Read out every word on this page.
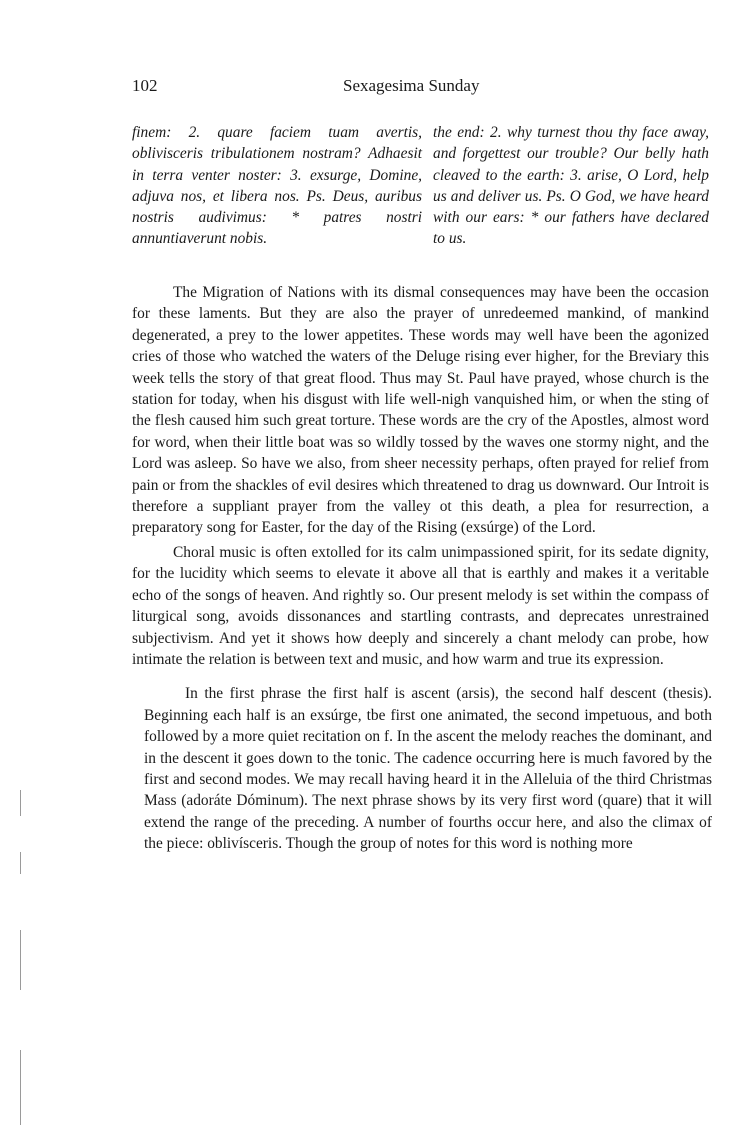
102	Sexagesima Sunday

finem: 2. quare faciem tuam avertis, oblivisceris tribulationem nostram? Adhaesit in terra venter noster: 3. exsurge, Domine, adjuva nos, et libera nos. Ps. Deus, auribus nostris audivimus: * patres nostri annuntiaverunt nobis.

the end: 2. why turnest thou thy face away, and forgettest our trouble? Our belly hath cleaved to the earth: 3. arise, O Lord, help us and deliver us. Ps. O God, we have heard with our ears: * our fathers have declared to us.

The Migration of Nations with its dismal consequences may have been the occasion for these laments. But they are also the prayer of unredeemed mankind, of mankind degenerated, a prey to the lower appetites. These words may well have been the agonized cries of those who watched the waters of the Deluge rising ever higher, for the Breviary this week tells the story of that great flood. Thus may St. Paul have prayed, whose church is the station for today, when his disgust with life well-nigh vanquished him, or when the sting of the flesh caused him such great torture. These words are the cry of the Apostles, almost word for word, when their little boat was so wildly tossed by the waves one stormy night, and the Lord was asleep. So have we also, from sheer necessity perhaps, often prayed for relief from pain or from the shackles of evil desires which threatened to drag us downward. Our Introit is therefore a suppliant prayer from the valley ot this death, a plea for resurrection, a preparatory song for Easter, for the day of the Rising (exsúrge) of the Lord.

Choral music is often extolled for its calm unimpassioned spirit, for its sedate dignity, for the lucidity which seems to elevate it above all that is earthly and makes it a veritable echo of the songs of heaven. And rightly so. Our present melody is set within the compass of liturgical song, avoids dissonances and startling contrasts, and deprecates unrestrained subjectivism. And yet it shows how deeply and sincerely a chant melody can probe, how intimate the relation is between text and music, and how warm and true its expression.

In the first phrase the first half is ascent (arsis), the second half descent (thesis). Beginning each half is an exsúrge, tbe first one animated, the second impetuous, and both followed by a more quiet recitation on f. In the ascent the melody reaches the dominant, and in the descent it goes down to the tonic. The cadence occurring here is much favored by the first and second modes. We may recall having heard it in the Alleluia of the third Christmas Mass (adoráte Dóminum). The next phrase shows by its very first word (quare) that it will extend the range of the preceding. A number of fourths occur here, and also the climax of the piece: oblivísceris. Though the group of notes for this word is nothing more
